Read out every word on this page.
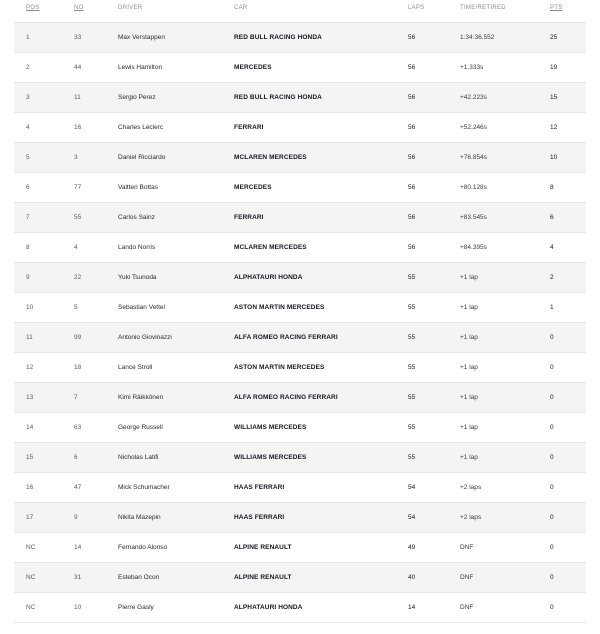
POS	NO	DRIVER	CAR	LAPS	TIME/RETIRED	PTS
1	33	Max Verstappen	RED BULL RACING HONDA	56	1:34:36.552	25
2	44	Lewis Hamilton	MERCEDES	56	+1.333s	19
3	11	Sergio Perez	RED BULL RACING HONDA	56	+42.223s	15
4	16	Charles Leclerc	FERRARI	56	+52.246s	12
5	3	Daniel Ricciardo	MCLAREN MERCEDES	56	+76.854s	10
6	77	Valtteri Bottas	MERCEDES	56	+80.128s	8
7	55	Carlos Sainz	FERRARI	56	+83.545s	6
8	4	Lando Norris	MCLAREN MERCEDES	56	+84.395s	4
9	22	Yuki Tsunoda	ALPHATAURI HONDA	55	+1 lap	2
10	5	Sebastian Vettel	ASTON MARTIN MERCEDES	55	+1 lap	1
11	99	Antonio Giovinazzi	ALFA ROMEO RACING FERRARI	55	+1 lap	0
12	18	Lance Stroll	ASTON MARTIN MERCEDES	55	+1 lap	0
13	7	Kimi Räikkönen	ALFA ROMEO RACING FERRARI	55	+1 lap	0
14	63	George Russell	WILLIAMS MERCEDES	55	+1 lap	0
15	6	Nicholas Latifi	WILLIAMS MERCEDES	55	+1 lap	0
16	47	Mick Schumacher	HAAS FERRARI	54	+2 laps	0
17	9	Nikita Mazepin	HAAS FERRARI	54	+2 laps	0
NC	14	Fernando Alonso	ALPINE RENAULT	49	DNF	0
NC	31	Esteban Ocon	ALPINE RENAULT	40	DNF	0
NC	10	Pierre Gasly	ALPHATAURI HONDA	14	DNF	0
